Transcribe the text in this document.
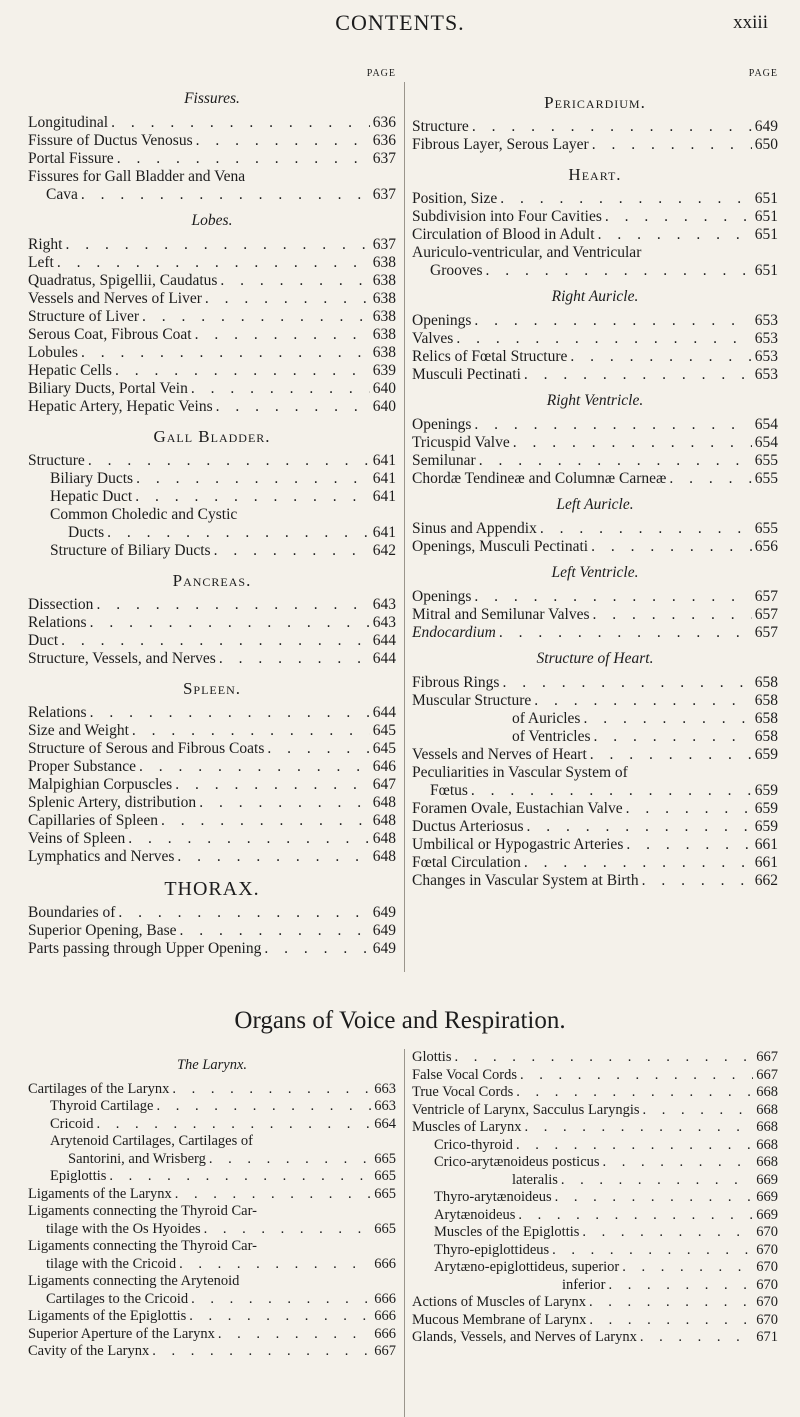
CONTENTS.	xxiii
PAGE
Fissures.
Longitudinal . . .	636
Fissure of Ductus Venosus . . .	636
Portal Fissure . . .	637
Fissures for Gall Bladder and Vena
Cava . . .	637
Lobes.
Right . . .	637
Left . . .	638
Quadratus, Spigellii, Caudatus . . .	638
Vessels and Nerves of Liver . . .	638
Structure of Liver . . .	638
Serous Coat, Fibrous Coat . . .	638
Lobules . . .	638
Hepatic Cells . . .	639
Biliary Ducts, Portal Vein . . .	640
Hepatic Artery, Hepatic Veins . . .	640
Gall Bladder.
Structure . . .	641
Biliary Ducts . . .	641
Hepatic Duct . . .	641
Common Choledic and Cystic
Ducts . . .	641
Structure of Biliary Ducts . . .	642
Pancreas.
Dissection . . .	643
Relations . . .	643
Duct . . .	644
Structure, Vessels, and Nerves . . .	644
Spleen.
Relations . . .	644
Size and Weight . . .	645
Structure of Serous and Fibrous Coats . . .	645
Proper Substance . . .	646
Malpighian Corpuscles . . .	647
Splenic Artery, distribution . . .	648
Capillaries of Spleen . . .	648
Veins of Spleen . . .	648
Lymphatics and Nerves . . .	648
THORAX.
Boundaries of . . .	649
Superior Opening, Base . . .	649
Parts passing through Upper Opening . . .	649
PAGE
Pericardium.
Structure . . .	649
Fibrous Layer, Serous Layer . . .	650
Heart.
Position, Size . . .	651
Subdivision into Four Cavities . . .	651
Circulation of Blood in Adult . . .	651
Auriculo-ventricular, and Ventricular
Grooves . . .	651
Right Auricle.
Openings . . .	653
Valves . . .	653
Relics of Fœtal Structure . . .	653
Musculi Pectinati . . .	653
Right Ventricle.
Openings . . .	654
Tricuspid Valve . . .	654
Semilunar . . .	655
Chordæ Tendineæ and Columnæ Carneæ . . .	655
Left Auricle.
Sinus and Appendix . . .	655
Openings, Musculi Pectinati . . .	656
Left Ventricle.
Openings . . .	657
Mitral and Semilunar Valves . . .	657
Endocardium . . .	657
Structure of Heart.
Fibrous Rings . . .	658
Muscular Structure . . .	658
of Auricles . . .	658
of Ventricles . . .	658
Vessels and Nerves of Heart . . .	659
Peculiarities in Vascular System of
Fœtus . . .	659
Foramen Ovale, Eustachian Valve . . .	659
Ductus Arteriosus . . .	659
Umbilical or Hypogastric Arteries . . .	661
Fœtal Circulation . . .	661
Changes in Vascular System at Birth . . .	662
Organs of Voice and Respiration.
The Larynx.
Cartilages of the Larynx . . .	663
Thyroid Cartilage . . .	663
Cricoid . . .	664
Arytenoid Cartilages, Cartilages of
Santorini, and Wrisberg . . .	665
Epiglottis . . .	665
Ligaments of the Larynx . . .	665
Ligaments connecting the Thyroid Car-
tilage with the Os Hyoides . . .	665
Ligaments connecting the Thyroid Car-
tilage with the Cricoid . . .	666
Ligaments connecting the Arytenoid
Cartilages to the Cricoid . . .	666
Ligaments of the Epiglottis . . .	666
Superior Aperture of the Larynx . . .	666
Cavity of the Larynx . . .	667
Glottis . . .	667
False Vocal Cords . . .	667
True Vocal Cords . . .	668
Ventricle of Larynx, Sacculus Laryngis . . .	668
Muscles of Larynx . . .	668
Crico-thyroid . . .	668
Crico-arytænoideus posticus . . .	668
lateralis . . .	669
Thyro-arytænoideus . . .	669
Arytænoideus . . .	669
Muscles of the Epiglottis . . .	670
Thyro-epiglottideus . . .	670
Arytæno-epiglottideus, superior . . .	670
inferior . . .	670
Actions of Muscles of Larynx . . .	670
Mucous Membrane of Larynx . . .	670
Glands, Vessels, and Nerves of Larynx . . .	671
